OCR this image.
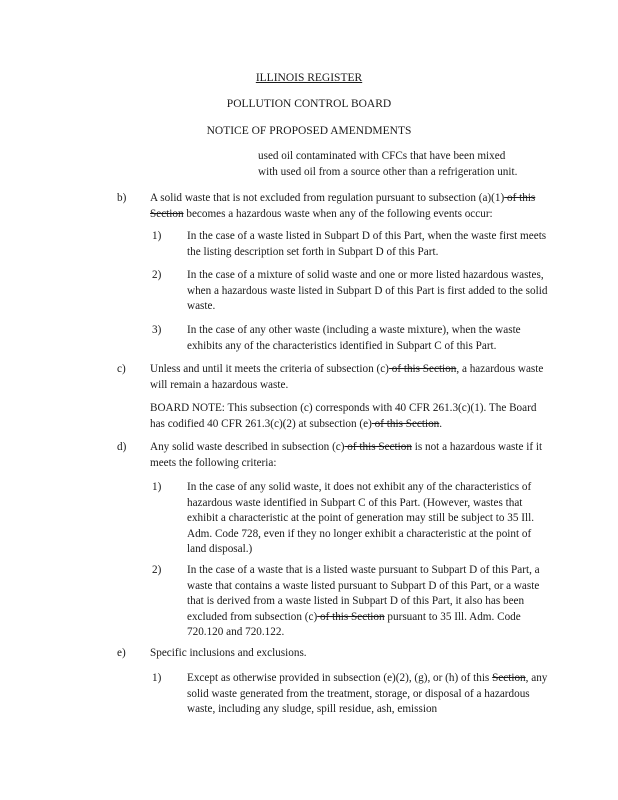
ILLINOIS REGISTER
POLLUTION CONTROL BOARD
NOTICE OF PROPOSED AMENDMENTS

used oil contaminated with CFCs that have been mixed

with used oil from a source other than a refrigeration unit.

b) A solid waste that is not excluded from regulation pursuant to subsection (a)(1) of this Section becomes a hazardous waste when any of the following events occur:
1) In the case of a waste listed in Subpart D of this Part, when the waste first meets the listing description set forth in Subpart D of this Part.
2) In the case of a mixture of solid waste and one or more listed hazardous wastes, when a hazardous waste listed in Subpart D of this Part is first added to the solid waste.
3) In the case of any other waste (including a waste mixture), when the waste exhibits any of the characteristics identified in Subpart C of this Part.
c) Unless and until it meets the criteria of subsection (c) of this Section, a hazardous waste will remain a hazardous waste.
BOARD NOTE: This subsection (c) corresponds with 40 CFR 261.3(c)(1). The Board has codified 40 CFR 261.3(c)(2) at subsection (e) of this Section.
d) Any solid waste described in subsection (c) of this Section is not a hazardous waste if it meets the following criteria:
1) In the case of any solid waste, it does not exhibit any of the characteristics of hazardous waste identified in Subpart C of this Part. (However, wastes that exhibit a characteristic at the point of generation may still be subject to 35 Ill. Adm. Code 728, even if they no longer exhibit a characteristic at the point of land disposal.)
2) In the case of a waste that is a listed waste pursuant to Subpart D of this Part, a waste that contains a waste listed pursuant to Subpart D of this Part, or a waste that is derived from a waste listed in Subpart D of this Part, it also has been excluded from subsection (c) of this Section pursuant to 35 Ill. Adm. Code 720.120 and 720.122.
e) Specific inclusions and exclusions.
1) Except as otherwise provided in subsection (e)(2), (g), or (h) of this Section, any solid waste generated from the treatment, storage, or disposal of a hazardous waste, including any sludge, spill residue, ash, emission
